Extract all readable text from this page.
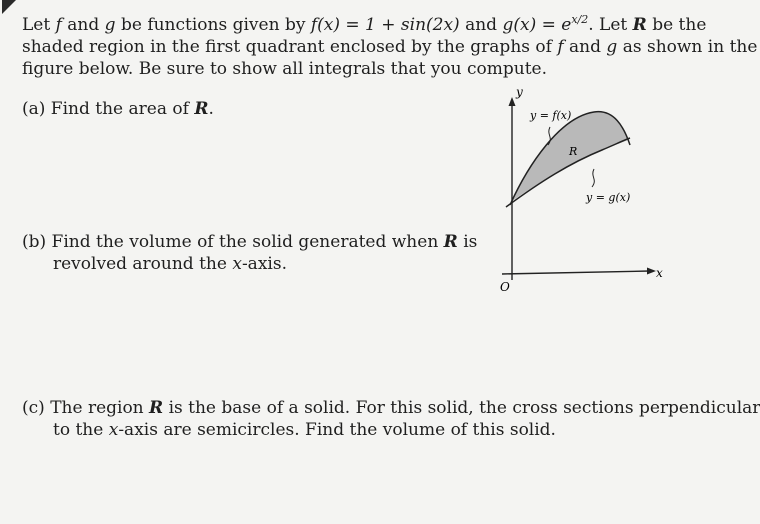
Let f and g be functions given by f(x) = 1 + sin(2x) and $g(x) = e^{x/2}$. Let R be the
shaded region in the first quadrant enclosed by the graphs of f and g as shown in the
figure below. Be sure to show all integrals that you compute.
(a) Find the area of R.
(b) Find the volume of the solid generated when R is
revolved around the x-axis.
(c) The region R is the base of a solid. For this solid, the cross sections perpendicular
to the x-axis are semicircles. Find the volume of this solid.
y
x
O
y = f(x)
y = g(x)
R
